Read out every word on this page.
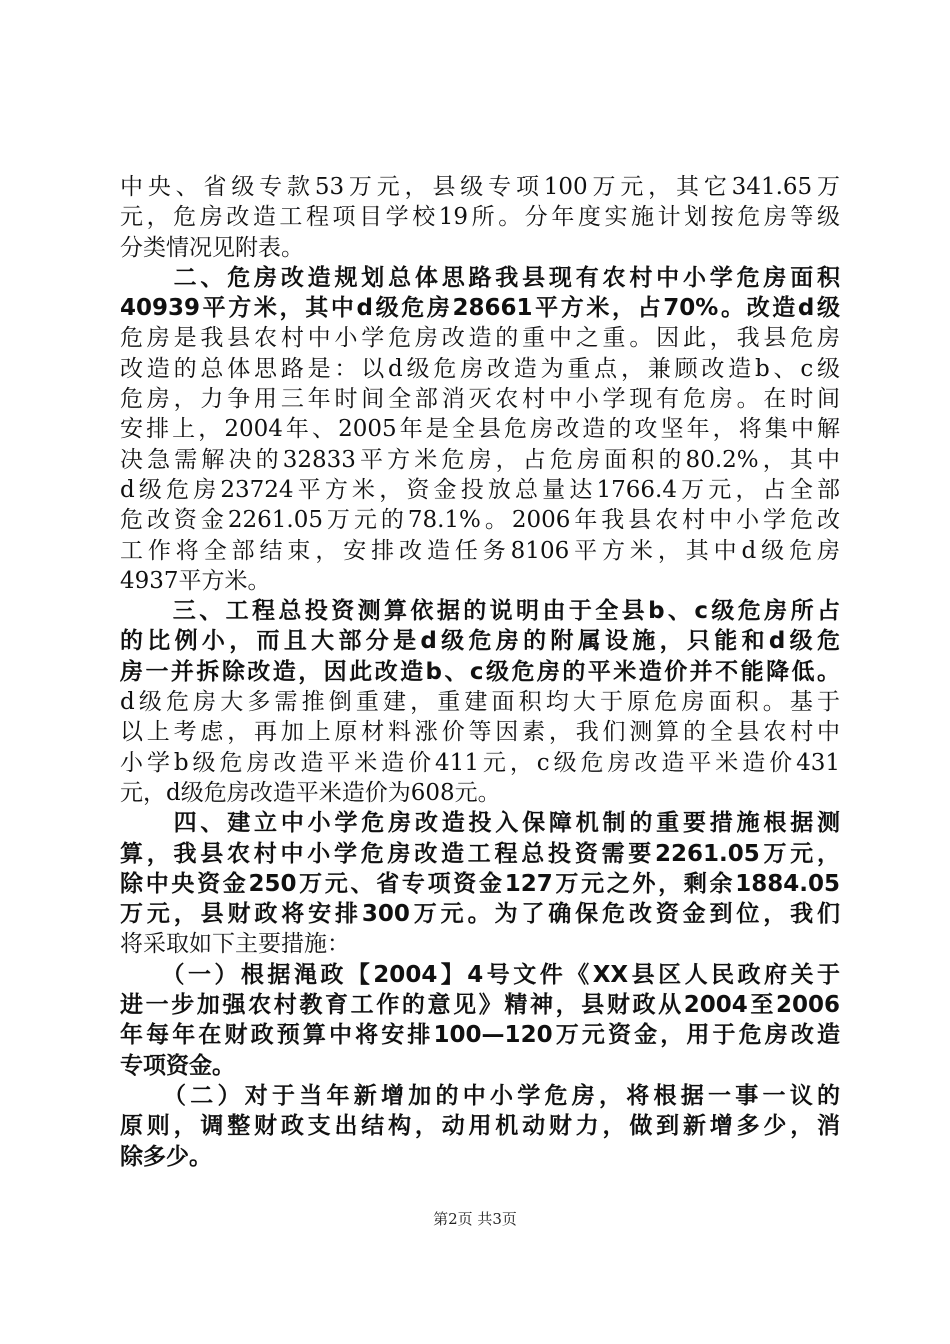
中央、省级专款53万元，县级专项100万元，其它341.65万
元，危房改造工程项目学校19所。分年度实施计划按危房等级
分类情况见附表。
　　二、危房改造规划总体思路我县现有农村中小学危房面积
40939平方米，其中d级危房28661平方米，占70%。改造d级
危房是我县农村中小学危房改造的重中之重。因此，我县危房
改造的总体思路是：以d级危房改造为重点，兼顾改造b、c级
危房，力争用三年时间全部消灭农村中小学现有危房。在时间
安排上，2004年、2005年是全县危房改造的攻坚年，将集中解
决急需解决的32833平方米危房，占危房面积的80.2%，其中
d级危房23724平方米，资金投放总量达1766.4万元，占全部
危改资金2261.05万元的78.1%。2006年我县农村中小学危改
工作将全部结束，安排改造任务8106平方米，其中d级危房
4937平方米。
　　三、工程总投资测算依据的说明由于全县b、c级危房所占
的比例小，而且大部分是d级危房的附属设施，只能和d级危
房一并拆除改造，因此改造b、c级危房的平米造价并不能降低。
d级危房大多需推倒重建，重建面积均大于原危房面积。基于
以上考虑，再加上原材料涨价等因素，我们测算的全县农村中
小学b级危房改造平米造价411元，c级危房改造平米造价431
元，d级危房改造平米造价为608元。
　　四、建立中小学危房改造投入保障机制的重要措施根据测
算，我县农村中小学危房改造工程总投资需要2261.05万元，
除中央资金250万元、省专项资金127万元之外，剩余1884.05
万元，县财政将安排300万元。为了确保危改资金到位，我们
将采取如下主要措施：
　　（一）根据渑政【2004】4号文件《XX县区人民政府关于
进一步加强农村教育工作的意见》精神，县财政从2004至2006
年每年在财政预算中将安排100—120万元资金，用于危房改造
专项资金。
　　（二）对于当年新增加的中小学危房，将根据一事一议的
原则，调整财政支出结构，动用机动财力，做到新增多少，消
除多少。
第2页 共3页
